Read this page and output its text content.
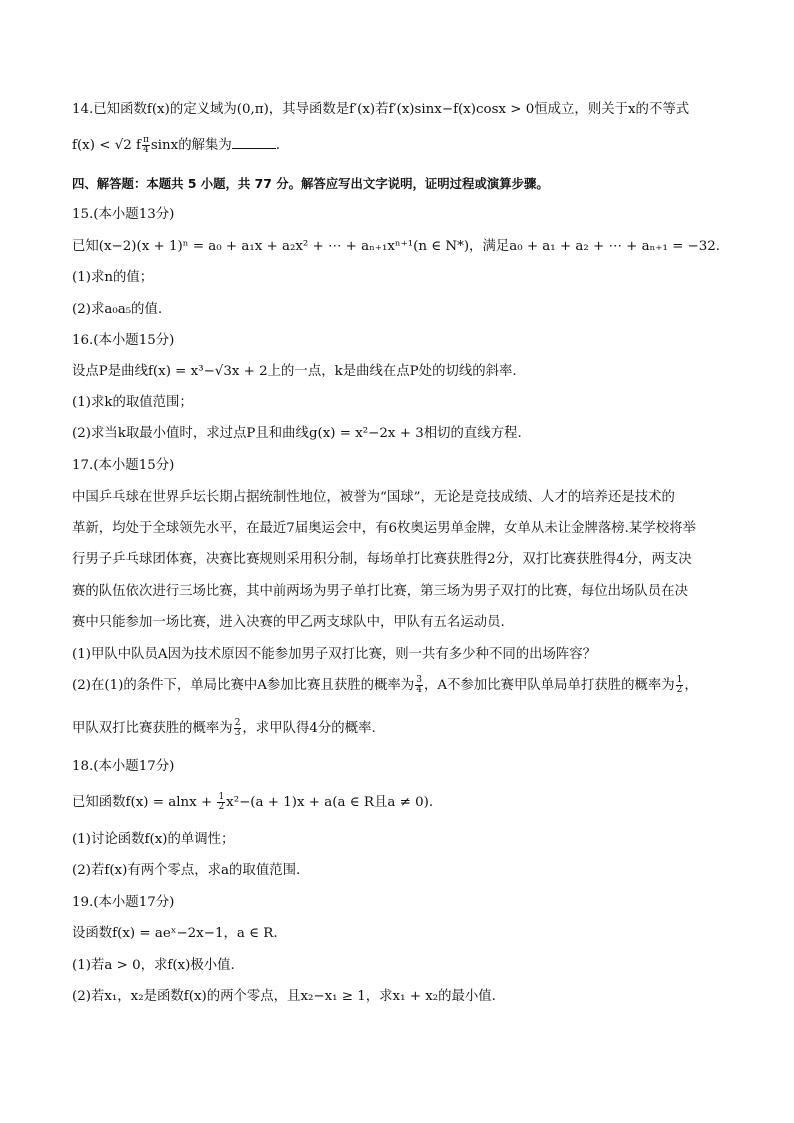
14.已知函数f(x)的定义域为(0,π)，其导函数是f′(x)若f′(x)sinx−f(x)cosx > 0恒成立，则关于x的不等式
f(x) < √2 f $\frac{\pi}{4}$ sinx的解集为	.
四、解答题：本题共 5 小题，共 77 分。解答应写出文字说明，证明过程或演算步骤。
15.(本小题13分)
已知(x−2)(x + 1)ⁿ = a₀ + a₁x + a₂x² + ⋯ + aₙ₊₁xⁿ⁺¹(n ∈ N*)，满足a₀ + a₁ + a₂ + ⋯ + aₙ₊₁ = −32.
(1)求n的值；
(2)求a₀a₅的值.
16.(本小题15分)
设点P是曲线f(x) = x³−√3x + 2上的一点，k是曲线在点P处的切线的斜率.
(1)求k的取值范围；
(2)求当k取最小值时，求过点P且和曲线g(x) = x²−2x + 3相切的直线方程.
17.(本小题15分)
中国乒乓球在世界乒坛长期占据统制性地位，被誉为“国球”，无论是竞技成绩、人才的培养还是技术的
革新，均处于全球领先水平，在最近7届奥运会中，有6枚奥运男单金牌，女单从未让金牌落榜.某学校将举
行男子乒乓球团体赛，决赛比赛规则采用积分制，每场单打比赛获胜得2分，双打比赛获胜得4分，两支决
赛的队伍依次进行三场比赛，其中前两场为男子单打比赛，第三场为男子双打的比赛，每位出场队员在决
赛中只能参加一场比赛，进入决赛的甲乙两支球队中，甲队有五名运动员.
(1)甲队中队员A因为技术原因不能参加男子双打比赛，则一共有多少种不同的出场阵容？
(2)在(1)的条件下，单局比赛中A参加比赛且获胜的概率为 $\frac{3}{4}$ ，A不参加比赛甲队单局单打获胜的概率为 $\frac{1}{2}$ ，
甲队双打比赛获胜的概率为 $\frac{2}{3}$ ，求甲队得4分的概率.
18.(本小题17分)
已知函数$f(x) = alnx + \frac{1}{2} x^2-(a + 1)x + a(a$ ∈ R且a ≠ 0).
(1)讨论函数f(x)的单调性；
(2)若f(x)有两个零点，求a的取值范围.
19.(本小题17分)
设函数f(x) = aeˣ−2x−1，a ∈ R.
(1)若a > 0，求f(x)极小值.
(2)若x₁，x₂是函数f(x)的两个零点，且x₂−x₁ ≥ 1，求x₁ + x₂的最小值.
